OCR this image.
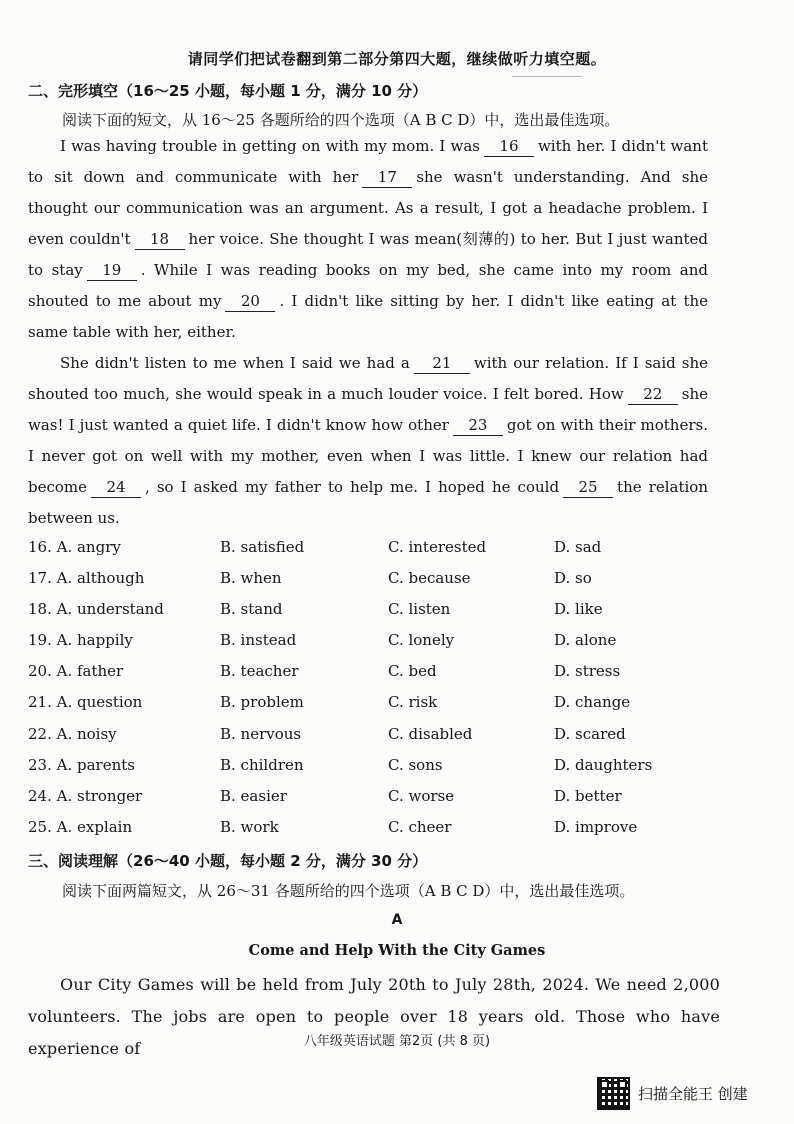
请同学们把试卷翻到第二部分第四大题，继续做听力填空题。
二、完形填空（16～25 小题，每小题 1 分，满分 10 分）
阅读下面的短文，从 16～25 各题所给的四个选项（A B C D）中，选出最佳选项。
I was having trouble in getting on with my mom. I was 16 with her. I didn't want to sit down and communicate with her 17 she wasn't understanding. And she thought our communication was an argument. As a result, I got a headache problem. I even couldn't 18 her voice. She thought I was mean(刻薄的) to her. But I just wanted to stay 19 . While I was reading books on my bed, she came into my room and shouted to me about my 20 . I didn't like sitting by her. I didn't like eating at the same table with her, either.
She didn't listen to me when I said we had a 21 with our relation. If I said she shouted too much, she would speak in a much louder voice. I felt bored. How 22 she was! I just wanted a quiet life. I didn't know how other 23 got on with their mothers. I never got on well with my mother, even when I was little. I knew our relation had become 24 , so I asked my father to help me. I hoped he could 25 the relation between us.
16. A. angry	B. satisfied	C. interested	D. sad
17. A. although	B. when	C. because	D. so
18. A. understand	B. stand	C. listen	D. like
19. A. happily	B. instead	C. lonely	D. alone
20. A. father	B. teacher	C. bed	D. stress
21. A. question	B. problem	C. risk	D. change
22. A. noisy	B. nervous	C. disabled	D. scared
23. A. parents	B. children	C. sons	D. daughters
24. A. stronger	B. easier	C. worse	D. better
25. A. explain	B. work	C. cheer	D. improve
三、阅读理解（26～40 小题，每小题 2 分，满分 30 分）
阅读下面两篇短文，从 26～31 各题所给的四个选项（A B C D）中，选出最佳选项。
A
Come and Help With the City Games
Our City Games will be held from July 20th to July 28th, 2024. We need 2,000 volunteers. The jobs are open to people over 18 years old. Those who have experience of	八年级英语试题 第2页 (共 8 页)
扫描全能王 创建
